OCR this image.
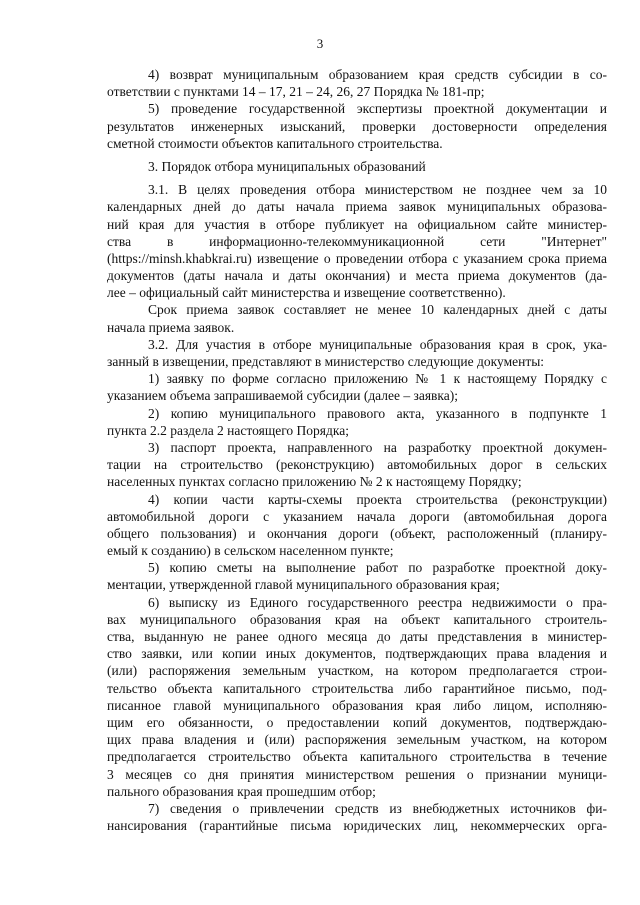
3
4) возврат муниципальным образованием края средств субсидии в со-
ответствии с пунктами 14 – 17, 21 – 24, 26, 27 Порядка № 181-пр;
5) проведение государственной экспертизы проектной документации и
результатов инженерных изысканий, проверки достоверности определения
сметной стоимости объектов капитального строительства.
3. Порядок отбора муниципальных образований
3.1. В целях проведения отбора министерством не позднее чем за 10
календарных дней до даты начала приема заявок муниципальных образова-
ний края для участия в отборе публикует на официальном сайте министер-
ства в информационно-телекоммуникационной сети "Интернет"
(https://minsh.khabkrai.ru) извещение о проведении отбора с указанием срока приема
документов (даты начала и даты окончания) и места приема документов (да-
лее – официальный сайт министерства и извещение соответственно).
Срок приема заявок составляет не менее 10 календарных дней с даты
начала приема заявок.
3.2. Для участия в отборе муниципальные образования края в срок, ука-
занный в извещении, представляют в министерство следующие документы:
1) заявку по форме согласно приложению № 1 к настоящему Порядку с
указанием объема запрашиваемой субсидии (далее – заявка);
2) копию муниципального правового акта, указанного в подпункте 1
пункта 2.2 раздела 2 настоящего Порядка;
3) паспорт проекта, направленного на разработку проектной докумен-
тации на строительство (реконструкцию) автомобильных дорог в сельских
населенных пунктах согласно приложению № 2 к настоящему Порядку;
4) копии части карты-схемы проекта строительства (реконструкции)
автомобильной дороги с указанием начала дороги (автомобильная дорога
общего пользования) и окончания дороги (объект, расположенный (планиру-
емый к созданию) в сельском населенном пункте;
5) копию сметы на выполнение работ по разработке проектной доку-
ментации, утвержденной главой муниципального образования края;
6) выписку из Единого государственного реестра недвижимости о пра-
вах муниципального образования края на объект капитального строитель-
ства, выданную не ранее одного месяца до даты представления в министер-
ство заявки, или копии иных документов, подтверждающих права владения и
(или) распоряжения земельным участком, на котором предполагается строи-
тельство объекта капитального строительства либо гарантийное письмо, под-
писанное главой муниципального образования края либо лицом, исполняю-
щим его обязанности, о предоставлении копий документов, подтверждаю-
щих права владения и (или) распоряжения земельным участком, на котором
предполагается строительство объекта капитального строительства в течение
3 месяцев со дня принятия министерством решения о признании муници-
пального образования края прошедшим отбор;
7) сведения о привлечении средств из внебюджетных источников фи-
нансирования (гарантийные письма юридических лиц, некоммерческих орга-
